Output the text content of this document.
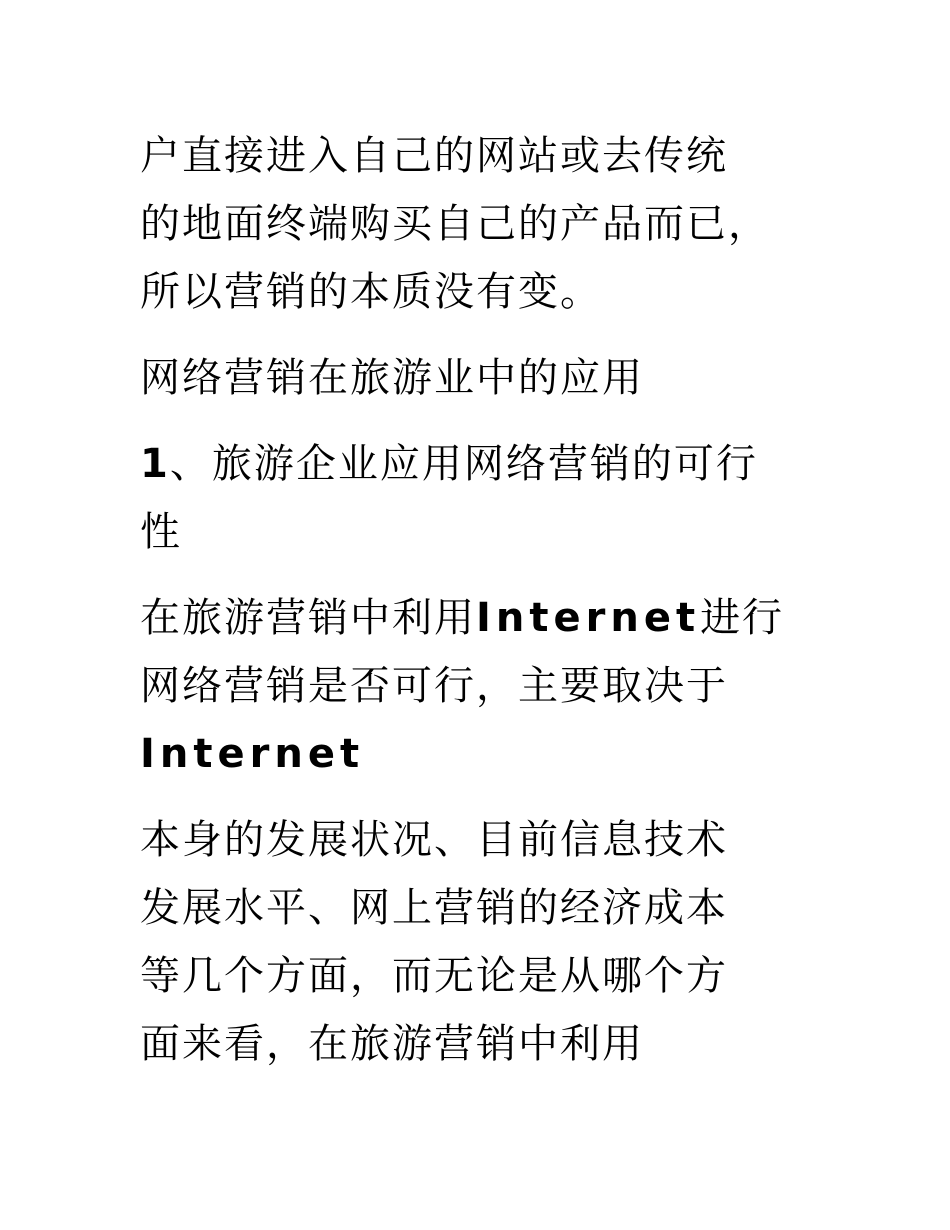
户直接进入自己的网站或去传统
的地面终端购买自己的产品而已，
所以营销的本质没有变。
网络营销在旅游业中的应用
1、旅游企业应用网络营销的可行
性
在旅游营销中利用Internet进行
网络营销是否可行，主要取决于
Internet
本身的发展状况、目前信息技术
发展水平、网上营销的经济成本
等几个方面，而无论是从哪个方
面来看，在旅游营销中利用
